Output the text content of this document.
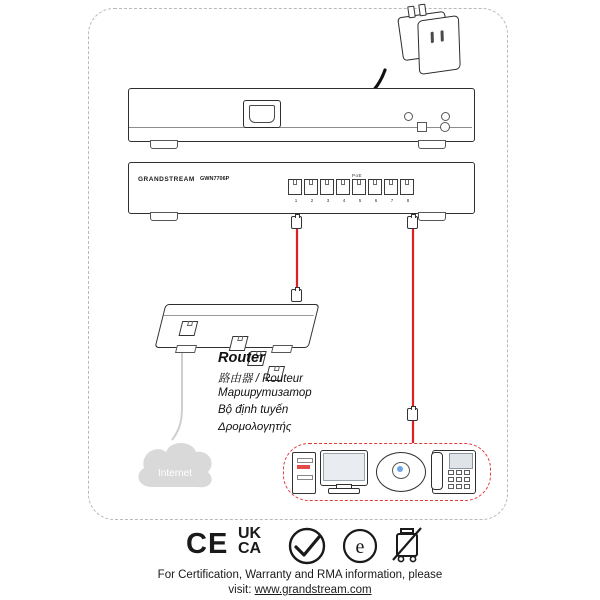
e
GRANDSTREAM GWN7706P
PoE
1	2	3	4	5	6	7	8
Router
路由器 / Routeur
Маршрутизатор
Bộ định tuyến
Δρομολογητής
Internet
CE UK
CA
For Certification, Warranty and RMA information, please
visit: www.grandstream.com
